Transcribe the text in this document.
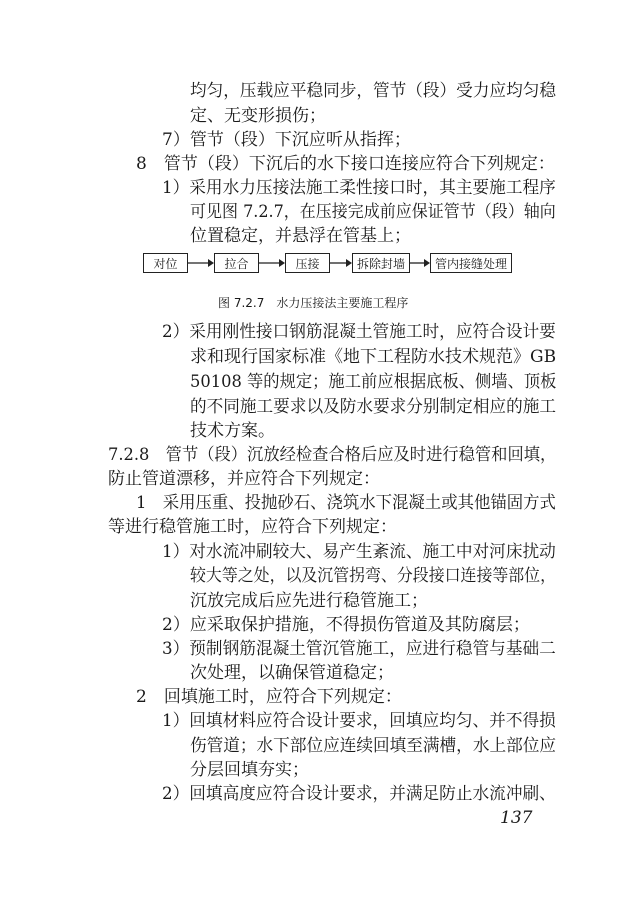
均匀，压载应平稳同步，管节（段）受力应均匀稳
定、无变形损伤；
7）管节（段）下沉应听从指挥；
8　管节（段）下沉后的水下接口连接应符合下列规定：
1）采用水力压接法施工柔性接口时，其主要施工程序
可见图 7.2.7，在压接完成前应保证管节（段）轴向
位置稳定，并悬浮在管基上；
对位	拉合	压接	拆除封墙	管内接缝处理
图 7.2.7　水力压接法主要施工程序
2）采用刚性接口钢筋混凝土管施工时，应符合设计要
求和现行国家标准《地下工程防水技术规范》GB
50108 等的规定；施工前应根据底板、侧墙、顶板
的不同施工要求以及防水要求分别制定相应的施工
技术方案。
7.2.8　管节（段）沉放经检查合格后应及时进行稳管和回填，
防止管道漂移，并应符合下列规定：
1　采用压重、投抛砂石、浇筑水下混凝土或其他锚固方式
等进行稳管施工时，应符合下列规定：
1）对水流冲刷较大、易产生紊流、施工中对河床扰动
较大等之处，以及沉管拐弯、分段接口连接等部位，
沉放完成后应先进行稳管施工；
2）应采取保护措施，不得损伤管道及其防腐层；
3）预制钢筋混凝土管沉管施工，应进行稳管与基础二
次处理，以确保管道稳定；
2　回填施工时，应符合下列规定：
1）回填材料应符合设计要求，回填应均匀、并不得损
伤管道；水下部位应连续回填至满槽，水上部位应
分层回填夯实；
2）回填高度应符合设计要求，并满足防止水流冲刷、
137
